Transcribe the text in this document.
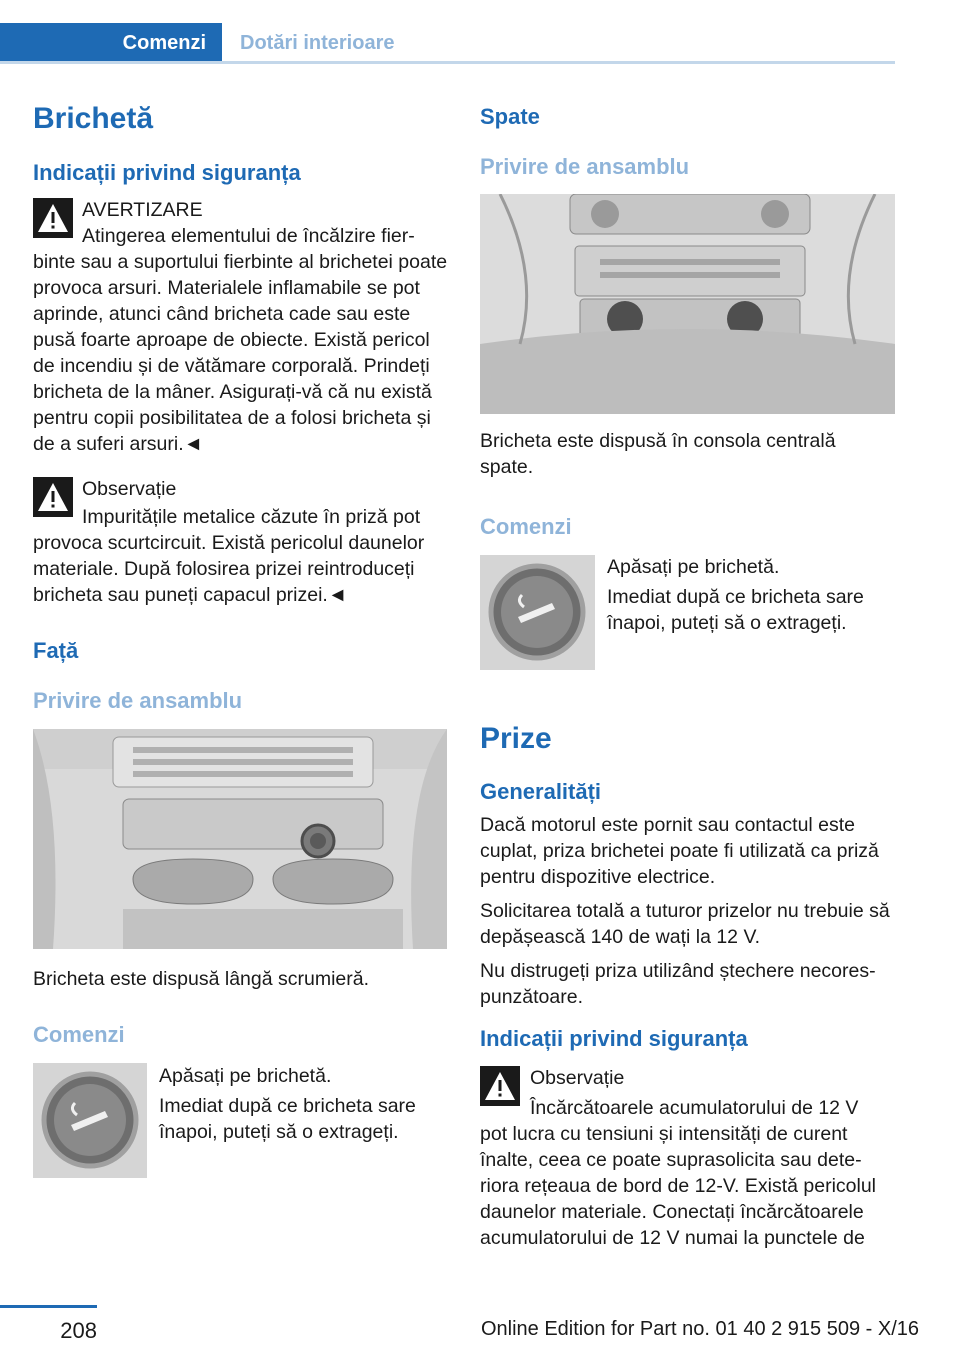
Comenzi	Dotări interioare
Brichetă
Indicații privind siguranța
AVERTIZARE
Atingerea elementului de încălzire fier‐
binte sau a suportului fierbinte al brichetei poate provoca arsuri. Materialele inflamabile se pot aprinde, atunci când bricheta cade sau este pusă foarte aproape de obiecte. Există pericol de incendiu și de vătămare corporală. Prindeți bricheta de la mâner. Asigurați-vă că nu există pentru copii posibilitatea de a folosi bricheta și de a suferi arsuri.◄
Observație
Impuritățile metalice căzute în priză pot
provoca scurtcircuit. Există pericolul daunelor materiale. După folosirea prizei reintroduceți bricheta sau puneți capacul prizei.◄
Față
Privire de ansamblu
Bricheta este dispusă lângă scrumieră.
Comenzi
Apăsați pe brichetă.
Imediat după ce bricheta sare înapoi, puteți să o extrageți.
Spate
Privire de ansamblu
Bricheta este dispusă în consola centrală spate.
Comenzi
Apăsați pe brichetă.
Imediat după ce bricheta sare înapoi, puteți să o extrageți.
Prize
Generalități

Dacă motorul este pornit sau contactul este cuplat, priza brichetei poate fi utilizată ca priză pentru dispozitive electrice.

Solicitarea totală a tuturor prizelor nu trebuie să depășească 140 de wați la 12 V.

Nu distrugeți priza utilizând ștechere necores‐punzătoare.

Indicații privind siguranța
Observație
Încărcătoarele acumulatorului de 12 V
pot lucra cu tensiuni și intensități de curent înalte, ceea ce poate suprasolicita sau dete‐riora rețeaua de bord de 12‑V. Există pericolul daunelor materiale. Conectați încărcătoarele acumulatorului de 12 V numai la punctele de
208	Online Edition for Part no. 01 40 2 915 509 - X/16
